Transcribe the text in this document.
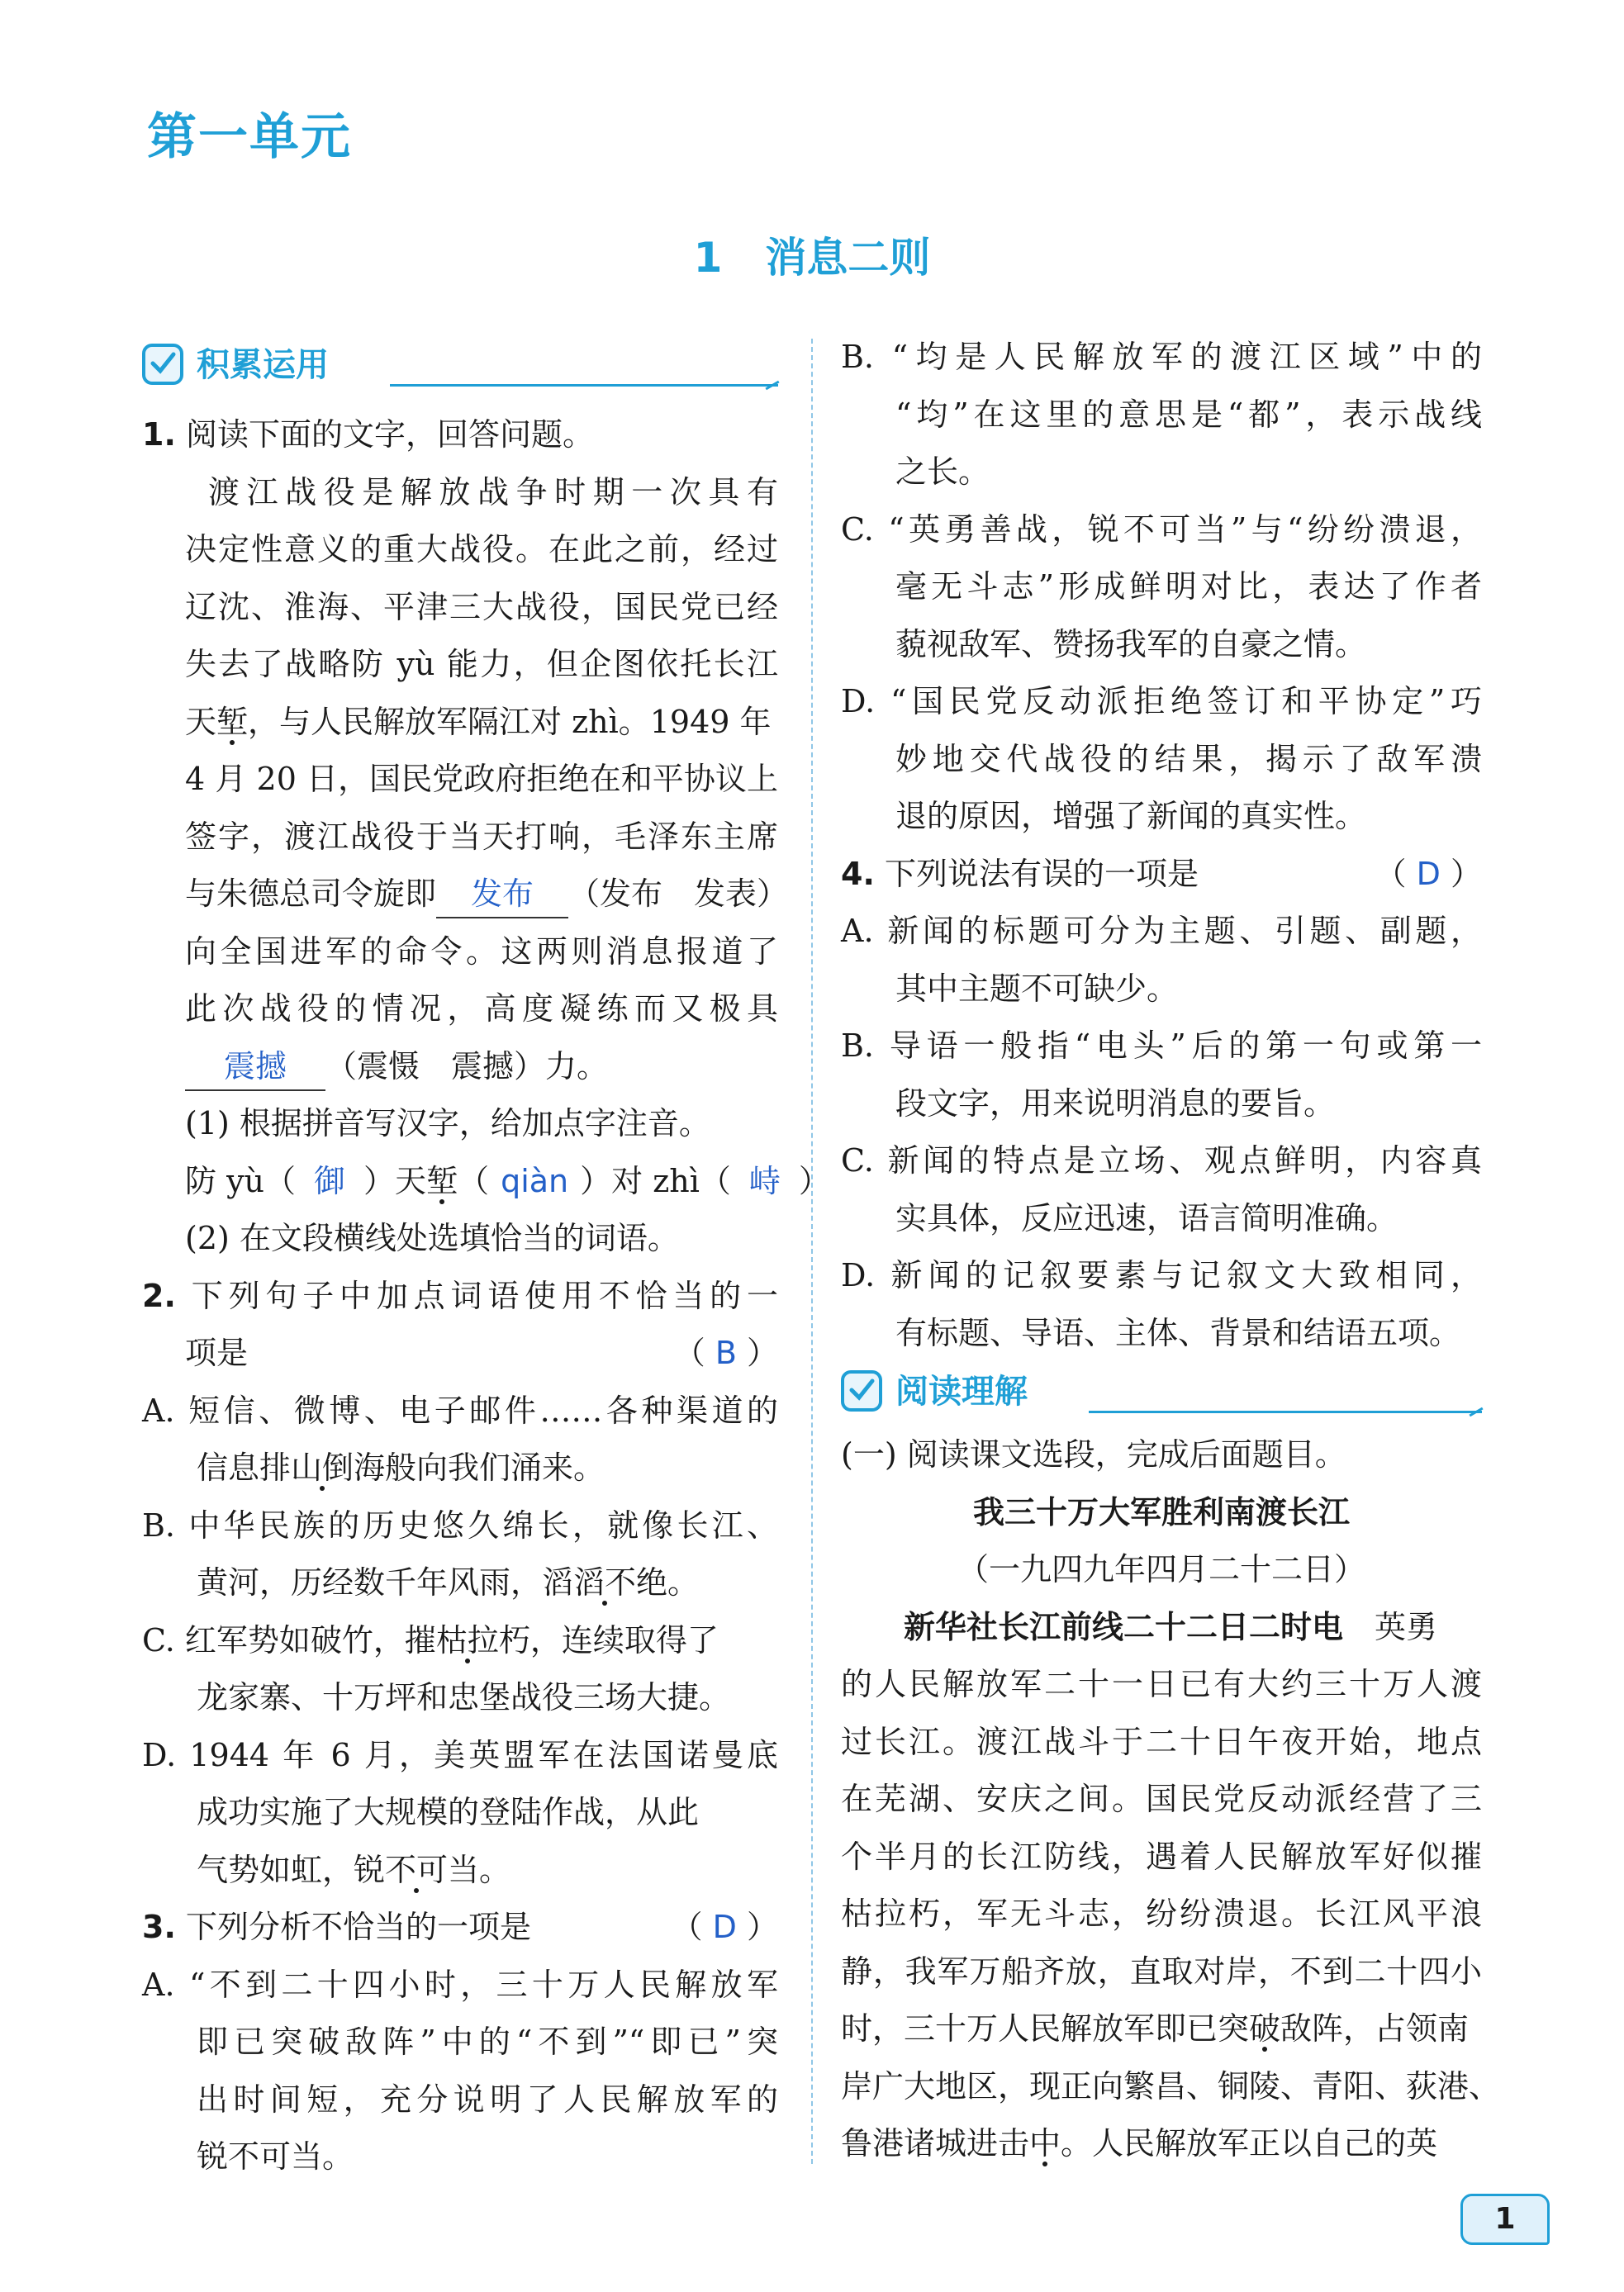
第一单元
1 消息二则
积累运用
1. 阅读下面的文字，回答问题。
渡江战役是解放战争时期一次具有
决定性意义的重大战役。在此之前，经过
辽沈、淮海、平津三大战役，国民党已经
失去了战略防 yù 能力，但企图依托长江
天堑，与人民解放军隔江对 zhì。1949 年
4 月 20 日，国民党政府拒绝在和平协议上
签字，渡江战役于当天打响，毛泽东主席
与朱德总司令旋即 发布 （发布　发表）
向全国进军的命令。这两则消息报道了
此次战役的情况，高度凝练而又极具
震撼 （震慑　震撼）力。
(1) 根据拼音写汉字，给加点字注音。
防 yù（ 御 ）天堑（ qiàn ）对 zhì（ 峙 ）
(2) 在文段横线处选填恰当的词语。
2. 下列句子中加点词语使用不恰当的一
项是	（ B ）
A. 短信、微博、电子邮件……各种渠道的
信息排山倒海般向我们涌来。
B. 中华民族的历史悠久绵长，就像长江、
黄河，历经数千年风雨，滔滔不绝。
C. 红军势如破竹，摧枯拉朽，连续取得了
龙家寨、十万坪和忠堡战役三场大捷。
D. 1944 年 6 月，美英盟军在法国诺曼底
成功实施了大规模的登陆作战，从此
气势如虹，锐不可当。
3. 下列分析不恰当的一项是	（ D ）
A. “不到二十四小时，三十万人民解放军
即已突破敌阵”中的“不到”“即已”突
出时间短，充分说明了人民解放军的
锐不可当。
B. “均是人民解放军的渡江区域”中的
“均”在这里的意思是“都”，表示战线
之长。
C. “英勇善战，锐不可当”与“纷纷溃退，
毫无斗志”形成鲜明对比，表达了作者
藐视敌军、赞扬我军的自豪之情。
D. “国民党反动派拒绝签订和平协定”巧
妙地交代战役的结果，揭示了敌军溃
退的原因，增强了新闻的真实性。
4. 下列说法有误的一项是	（ D ）
A. 新闻的标题可分为主题、引题、副题，
其中主题不可缺少。
B. 导语一般指“电头”后的第一句或第一
段文字，用来说明消息的要旨。
C. 新闻的特点是立场、观点鲜明，内容真
实具体，反应迅速，语言简明准确。
D. 新闻的记叙要素与记叙文大致相同，
有标题、导语、主体、背景和结语五项。
阅读理解
(一) 阅读课文选段，完成后面题目。
我三十万大军胜利南渡长江
（一九四九年四月二十二日）
新华社长江前线二十二日二时电　 英勇
的人民解放军二十一日已有大约三十万人渡
过长江。渡江战斗于二十日午夜开始，地点
在芜湖、安庆之间。国民党反动派经营了三
个半月的长江防线，遇着人民解放军好似摧
枯拉朽，军无斗志，纷纷溃退。长江风平浪
静，我军万船齐放，直取对岸，不到二十四小
时，三十万人民解放军即已突破敌阵，占领南
岸广大地区，现正向繁昌、铜陵、青阳、荻港、
鲁港诸城进击中。人民解放军正以自己的英
1
